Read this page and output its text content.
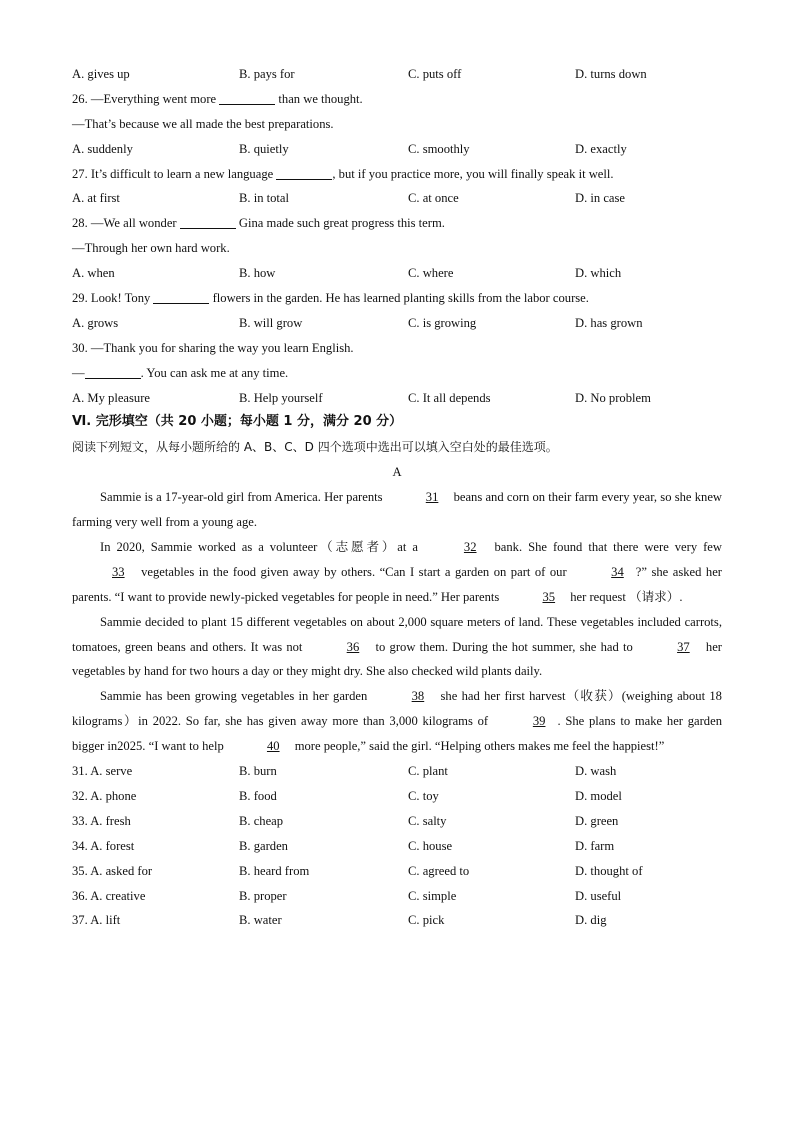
A. gives up	B. pays for	C. puts off	D. turns down
26. —Everything went more	than we thought.
—That’s because we all made the best preparations.
A. suddenly	B. quietly	C. smoothly	D. exactly
27. It’s difficult to learn a new language	, but if you practice more, you will finally speak it well.
A. at first	B. in total	C. at once	D. in case
28. —We all wonder	Gina made such great progress this term.
—Through her own hard work.
A. when	B. how	C. where	D. which
29. Look! Tony	flowers in the garden. He has learned planting skills from the labor course.
A. grows	B. will grow	C. is growing	D. has grown
30. —Thank you for sharing the way you learn English.
—	. You can ask me at any time.
A. My pleasure	B. Help yourself	C. It all depends	D. No problem
Ⅵ. 完形填空（共 20 小题；每小题 1 分，满分 20 分）
阅读下列短文，从每小题所给的 A、B、C、D 四个选项中选出可以填入空白处的最佳选项。
A
Sammie is a 17-year-old girl from America. Her parents	31 beans and corn on their farm every year, so she knew farming very well from a young age.
In 2020, Sammie worked as a volunteer（志愿者）at a	32 bank. She found that there were very few 33 vegetables in the food given away by others. “Can I start a garden on part of our	34 ?” she asked her parents. “I want to provide newly-picked vegetables for people in need.” Her parents	35 her request （请求）.
Sammie decided to plant 15 different vegetables on about 2,000 square meters of land. These vegetables included carrots, tomatoes, green beans and others. It was not	36 to grow them. During the hot summer, she had to	37 her vegetables by hand for two hours a day or they might dry. She also checked wild plants daily.
Sammie has been growing vegetables in her garden	38 she had her first harvest（收获）(weighing about 18 kilograms）in 2022. So far, she has given away more than 3,000 kilograms of	39 . She plans to make her garden bigger in2025. “I want to help	40 more people,” said the girl. “Helping others makes me feel the happiest!”
31. A. serve	B. burn	C. plant	D. wash
32. A. phone	B. food	C. toy	D. model
33. A. fresh	B. cheap	C. salty	D. green
34. A. forest	B. garden	C. house	D. farm
35. A. asked for	B. heard from	C. agreed to	D. thought of
36. A. creative	B. proper	C. simple	D. useful
37. A. lift	B. water	C. pick	D. dig
